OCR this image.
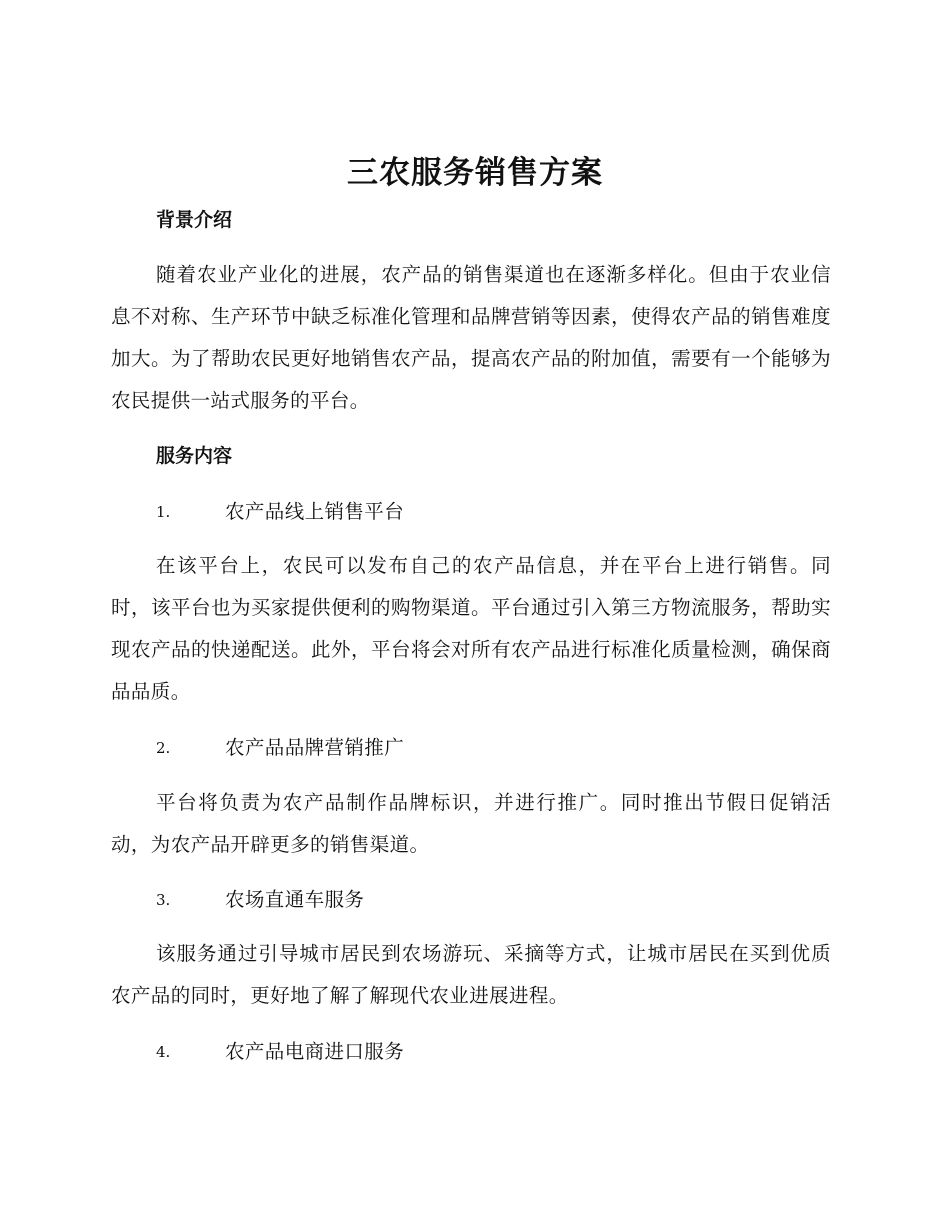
三农服务销售方案
背景介绍

随着农业产业化的进展，农产品的销售渠道也在逐渐多样化。但由于农业信息不对称、生产环节中缺乏标准化管理和品牌营销等因素，使得农产品的销售难度加大。为了帮助农民更好地销售农产品，提高农产品的附加值，需要有一个能够为农民提供一站式服务的平台。

服务内容
1.	农产品线上销售平台

在该平台上，农民可以发布自己的农产品信息，并在平台上进行销售。同时，该平台也为买家提供便利的购物渠道。平台通过引入第三方物流服务，帮助实现农产品的快递配送。此外，平台将会对所有农产品进行标准化质量检测，确保商品品质。

2.	农产品品牌营销推广

平台将负责为农产品制作品牌标识，并进行推广。同时推出节假日促销活动，为农产品开辟更多的销售渠道。

3.	农场直通车服务

该服务通过引导城市居民到农场游玩、采摘等方式，让城市居民在买到优质农产品的同时，更好地了解了解现代农业进展进程。

4.	农产品电商进口服务
